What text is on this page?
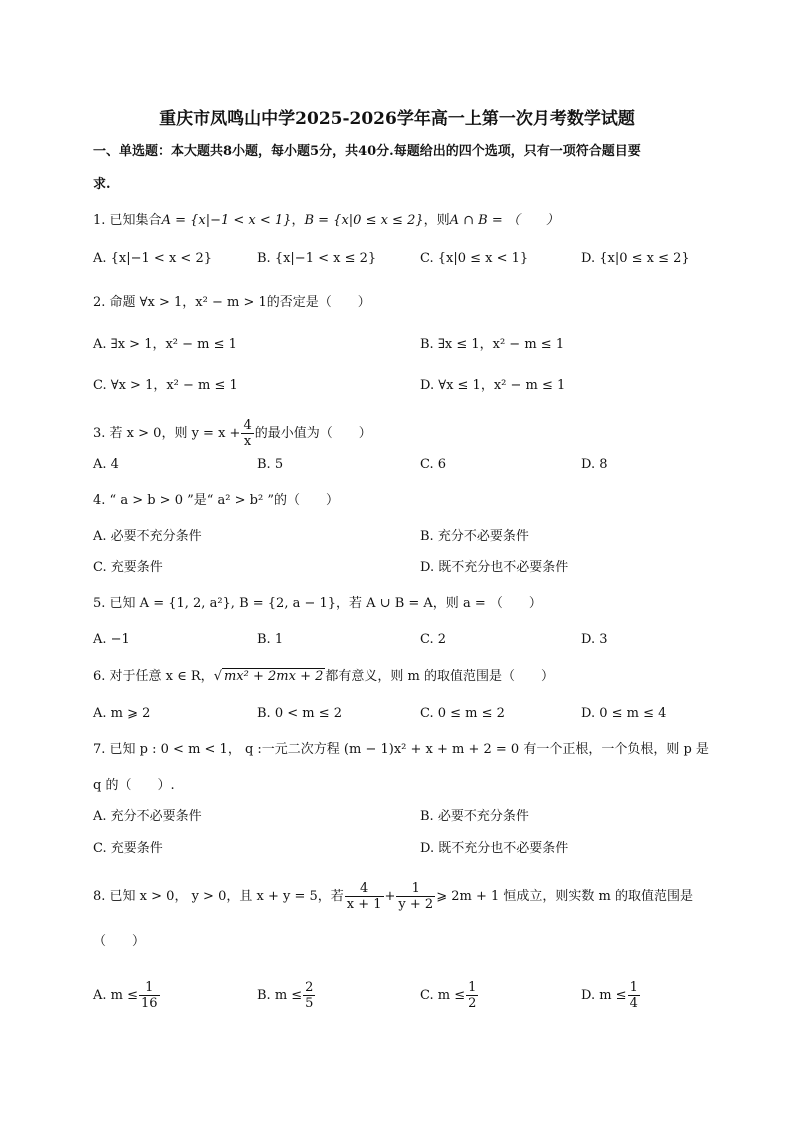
重庆市凤鸣山中学2025-2026学年高一上第一次月考数学试题
一、单选题：本大题共8小题，每小题5分，共40分.每题给出的四个选项，只有一项符合题目要
求.
1. 已知集合A = {x|−1 < x < 1}，B = {x|0 ≤ x ≤ 2}，则A ∩ B = （　　）
A. {x|−1 < x < 2}	B. {x|−1 < x ≤ 2}	C. {x|0 ≤ x < 1}	D. {x|0 ≤ x ≤ 2}
2. 命题 ∀x > 1，x² − m > 1的否定是（　　）
A. ∃x > 1，x² − m ≤ 1	B. ∃x ≤ 1，x² − m ≤ 1
C. ∀x > 1，x² − m ≤ 1	D. ∀x ≤ 1，x² − m ≤ 1
3. 若 x > 0，则 $y = x + \frac{4}{x}$ 的最小值为（　　）
A. 4	B. 5	C. 6	D. 8
4. “ a > b > 0 ”是“ a² > b² ”的（　　）
A. 必要不充分条件	B. 充分不必要条件
C. 充要条件	D. 既不充分也不必要条件
5. 已知 A = {1, 2, a²}, B = {2, a − 1}，若 A ∪ B = A，则 a = （　　）
A. −1	B. 1	C. 2	D. 3
6. 对于任意 x ∈ R，√ mx² + 2mx + 2 都有意义，则 m 的取值范围是（　　）
A. m ⩾ 2	B. 0 < m ≤ 2	C. 0 ≤ m ≤ 2	D. 0 ≤ m ≤ 4
7. 已知 p : 0 < m < 1， q :一元二次方程 (m − 1)x² + x + m + 2 = 0 有一个正根，一个负根，则 p 是
q 的（　　）.
A. 充分不必要条件	B. 必要不充分条件
C. 充要条件	D. 既不充分也不必要条件
8. 已知 x > 0， y > 0，且 x + y = 5，若 $\frac{4}{x + 1} + \frac{1}{y + 2}$ ⩾ 2m + 1 恒成立，则实数 m 的取值范围是
（　　）
A. $m \le \frac{1}{16}$	B. $m \le \frac{2}{5}$	C. $m \le \frac{1}{2}$	D. $m \le \frac{1}{4}$
